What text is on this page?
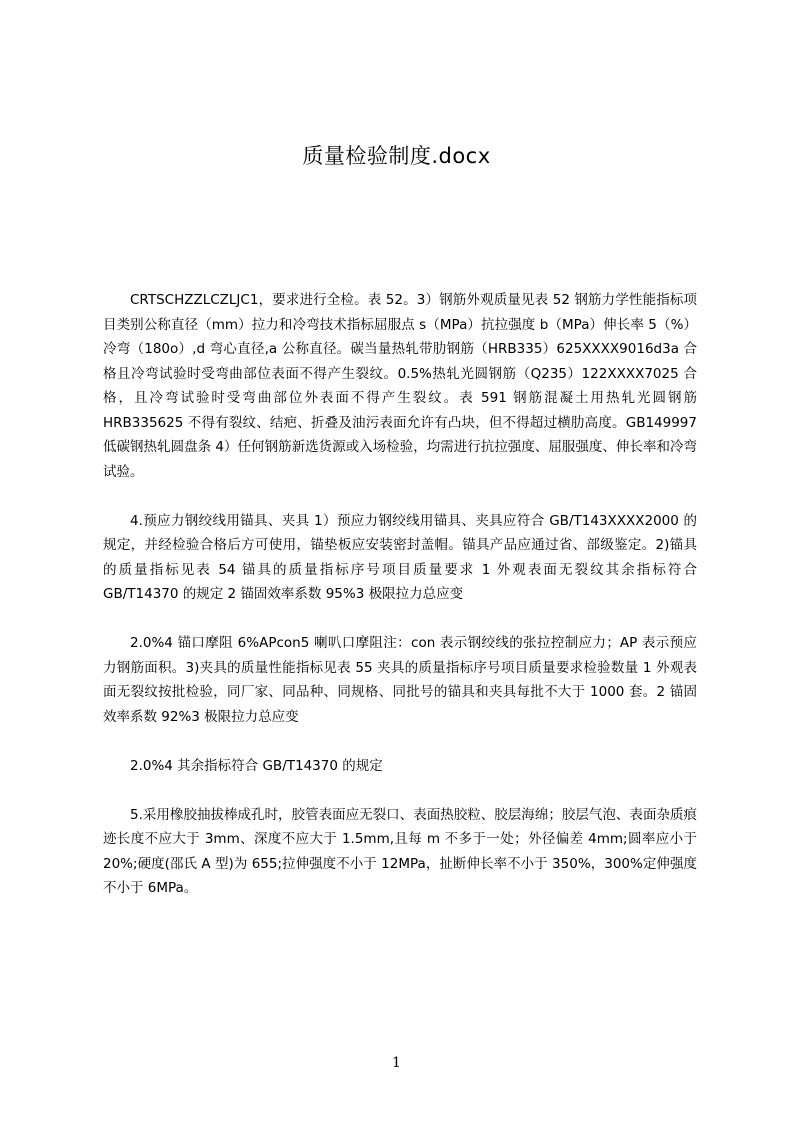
质量检验制度.docx

CRTSCHZZLCZLJC1，要求进行全检。表 52。3）钢筋外观质量见表 52 钢筋力学性能指标项目类别公称直径（mm）拉力和冷弯技术指标屈服点 s（MPa）抗拉强度 b（MPa）伸长率 5（%）冷弯（180o）,d 弯心直径,a 公称直径。碳当量热轧带肋钢筋（HRB335）625XXXX9016d3a 合格且冷弯试验时受弯曲部位表面不得产生裂纹。0.5%热轧光圆钢筋（Q235）122XXXX7025 合格，且冷弯试验时受弯曲部位外表面不得产生裂纹。表 591 钢筋混凝土用热轧光圆钢筋 HRB335625 不得有裂纹、结疤、折叠及油污表面允许有凸块，但不得超过横肋高度。GB149997 低碳钢热轧圆盘条 4）任何钢筋新选货源或入场检验，均需进行抗拉强度、屈服强度、伸长率和冷弯试验。

4.预应力钢绞线用锚具、夹具 1）预应力钢绞线用锚具、夹具应符合 GB/T143XXXX2000 的规定，并经检验合格后方可使用，锚垫板应安装密封盖帽。锚具产品应通过省、部级鉴定。2)锚具的质量指标见表 54 锚具的质量指标序号项目质量要求 1 外观表面无裂纹其余指标符合 GB/T14370 的规定 2 锚固效率系数 95%3 极限拉力总应变

2.0%4 锚口摩阻 6%APcon5 喇叭口摩阻注：con 表示钢绞线的张拉控制应力；AP 表示预应力钢筋面积。3)夹具的质量性能指标见表 55 夹具的质量指标序号项目质量要求检验数量 1 外观表面无裂纹按批检验，同厂家、同品种、同规格、同批号的锚具和夹具每批不大于 1000 套。2 锚固效率系数 92%3 极限拉力总应变

2.0%4 其余指标符合 GB/T14370 的规定

5.采用橡胶抽拔棒成孔时，胶管表面应无裂口、表面热胶粒、胶层海绵；胶层气泡、表面杂质痕迹长度不应大于 3mm、深度不应大于 1.5mm,且每 m 不多于一处；外径偏差 4mm;圆率应小于 20%;硬度(邵氏 A 型)为 655;拉伸强度不小于 12MPa，扯断伸长率不小于 350%，300%定伸强度不小于 6MPa。

1
